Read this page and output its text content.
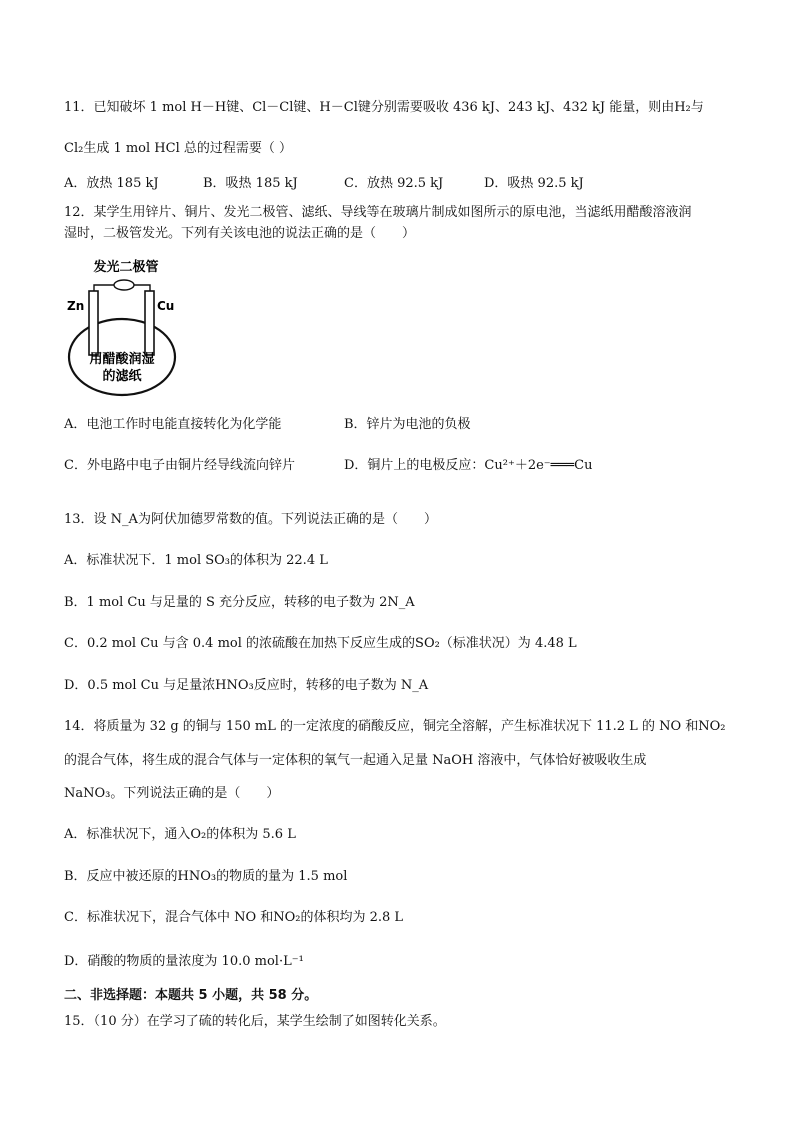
11．已知破坏 1 mol H－H键、Cl－Cl键、H－Cl键分别需要吸收 436 kJ、243 kJ、432 kJ 能量，则由H₂与
Cl₂生成 1 mol HCl 总的过程需要（ ）
A．放热 185 kJ	B．吸热 185 kJ	C．放热 92.5 kJ	D．吸热 92.5 kJ
12．某学生用锌片、铜片、发光二极管、滤纸、导线等在玻璃片制成如图所示的原电池，当滤纸用醋酸溶液润
湿时，二极管发光。下列有关该电池的说法正确的是（　　）
发光二极管
Zn	Cu
用醋酸润湿
的滤纸
A．电池工作时电能直接转化为化学能	B．锌片为电池的负极
C．外电路中电子由铜片经导线流向锌片	D．铜片上的电极反应：Cu²⁺＋2e⁻═══Cu
13．设 N_A为阿伏加德罗常数的值。下列说法正确的是（　　）
A．标准状况下．1 mol SO₃的体积为 22.4 L
B．1 mol Cu 与足量的 S 充分反应，转移的电子数为 2N_A
C．0.2 mol Cu 与含 0.4 mol 的浓硫酸在加热下反应生成的SO₂（标准状况）为 4.48 L
D．0.5 mol Cu 与足量浓HNO₃反应时，转移的电子数为 N_A
14．将质量为 32 g 的铜与 150 mL 的一定浓度的硝酸反应，铜完全溶解，产生标准状况下 11.2 L 的 NO 和NO₂
的混合气体，将生成的混合气体与一定体积的氧气一起通入足量 NaOH 溶液中，气体恰好被吸收生成
NaNO₃。下列说法正确的是（　　）
A．标准状况下，通入O₂的体积为 5.6 L
B．反应中被还原的HNO₃的物质的量为 1.5 mol
C．标准状况下，混合气体中 NO 和NO₂的体积均为 2.8 L
D．硝酸的物质的量浓度为 10.0 mol·L⁻¹
二、非选择题：本题共 5 小题，共 58 分。
15．（10 分）在学习了硫的转化后，某学生绘制了如图转化关系。
